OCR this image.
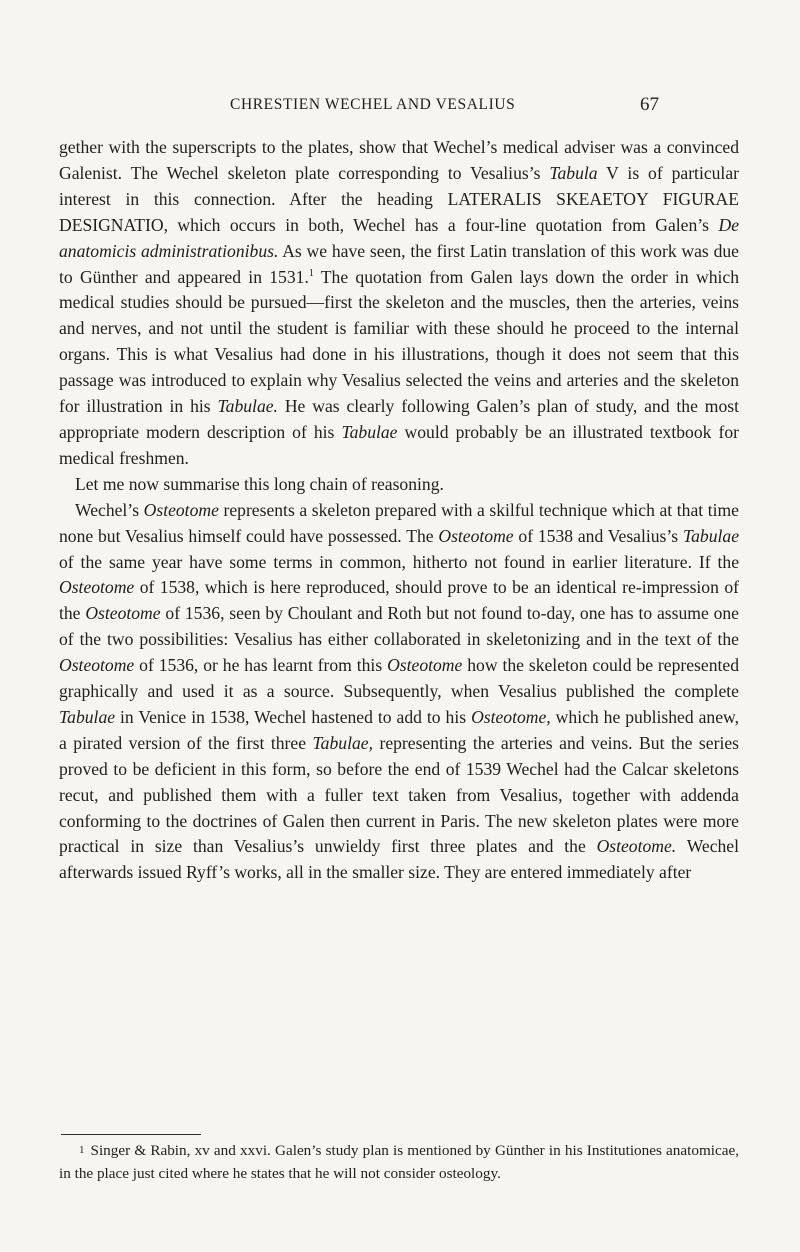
CHRESTIEN WECHEL AND VESALIUS	67

gether with the superscripts to the plates, show that Wechel’s medical adviser was a convinced Galenist. The Wechel skeleton plate corresponding to Vesalius’s Tabula V is of particular interest in this connection. After the heading LATERALIS SKEAETOY FIGURAE DESIGNATIO, which occurs in both, Wechel has a four-line quotation from Galen’s De anatomicis administrationibus. As we have seen, the first Latin translation of this work was due to Günther and appeared in 1531.$^1$ The quotation from Galen lays down the order in which medical studies should be pursued—first the skeleton and the muscles, then the arteries, veins and nerves, and not until the student is familiar with these should he proceed to the internal organs. This is what Vesalius had done in his illustrations, though it does not seem that this passage was introduced to explain why Vesalius selected the veins and arteries and the skeleton for illustration in his Tabulae. He was clearly following Galen’s plan of study, and the most appropriate modern description of his Tabulae would probably be an illustrated textbook for medical freshmen.

Let me now summarise this long chain of reasoning.

Wechel’s Osteotome represents a skeleton prepared with a skilful technique which at that time none but Vesalius himself could have possessed. The Osteotome of 1538 and Vesalius’s Tabulae of the same year have some terms in common, hitherto not found in earlier literature. If the Osteotome of 1538, which is here reproduced, should prove to be an identical re-impression of the Osteotome of 1536, seen by Choulant and Roth but not found to-day, one has to assume one of the two possibilities: Vesalius has either collaborated in skeletonizing and in the text of the Osteotome of 1536, or he has learnt from this Osteotome how the skeleton could be represented graphically and used it as a source. Subsequently, when Vesalius published the complete Tabulae in Venice in 1538, Wechel hastened to add to his Osteotome, which he published anew, a pirated version of the first three Tabulae, representing the arteries and veins. But the series proved to be deficient in this form, so before the end of 1539 Wechel had the Calcar skeletons recut, and published them with a fuller text taken from Vesalius, together with addenda conforming to the doctrines of Galen then current in Paris. The new skeleton plates were more practical in size than Vesalius’s unwieldy first three plates and the Osteotome. Wechel afterwards issued Ryff’s works, all in the smaller size. They are entered immediately after

1 Singer & Rabin, xv and xxvi. Galen’s study plan is mentioned by Günther in his Institutiones anatomicae, in the place just cited where he states that he will not consider osteology.
